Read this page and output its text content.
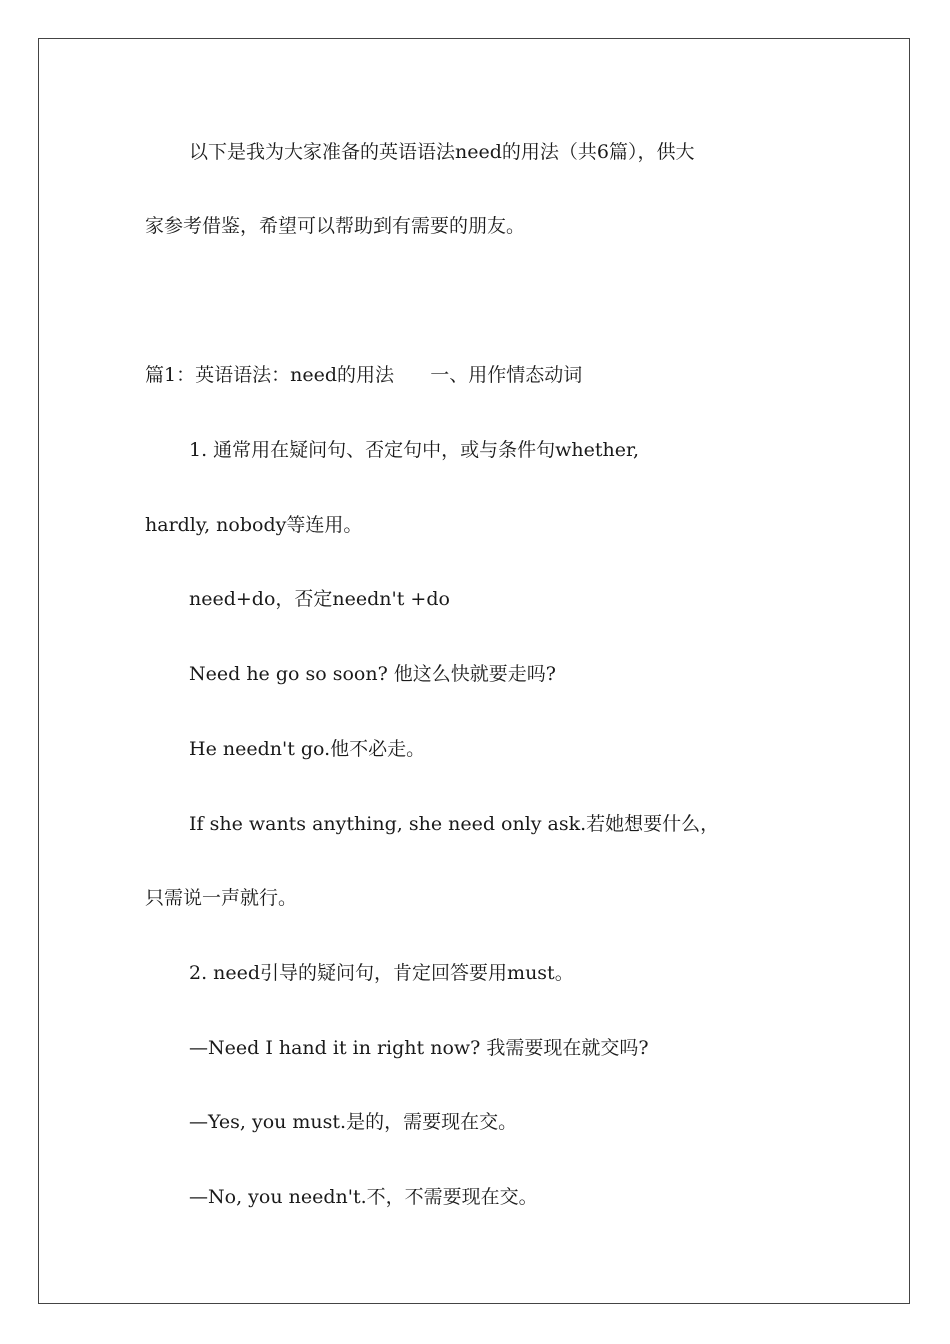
以下是我为大家准备的英语语法need的用法（共6篇），供大
家参考借鉴，希望可以帮助到有需要的朋友。
篇1：英语语法：need的用法      一、用作情态动词
1. 通常用在疑问句、否定句中，或与条件句whether,
hardly, nobody等连用。
need+do，否定needn't +do
Need he go so soon? 他这么快就要走吗?
He needn't go.他不必走。
If she wants anything, she need only ask.若她想要什么，
只需说一声就行。
2. need引导的疑问句，肯定回答要用must。
—Need I hand it in right now? 我需要现在就交吗?
—Yes, you must.是的，需要现在交。
—No, you needn't.不，不需要现在交。
